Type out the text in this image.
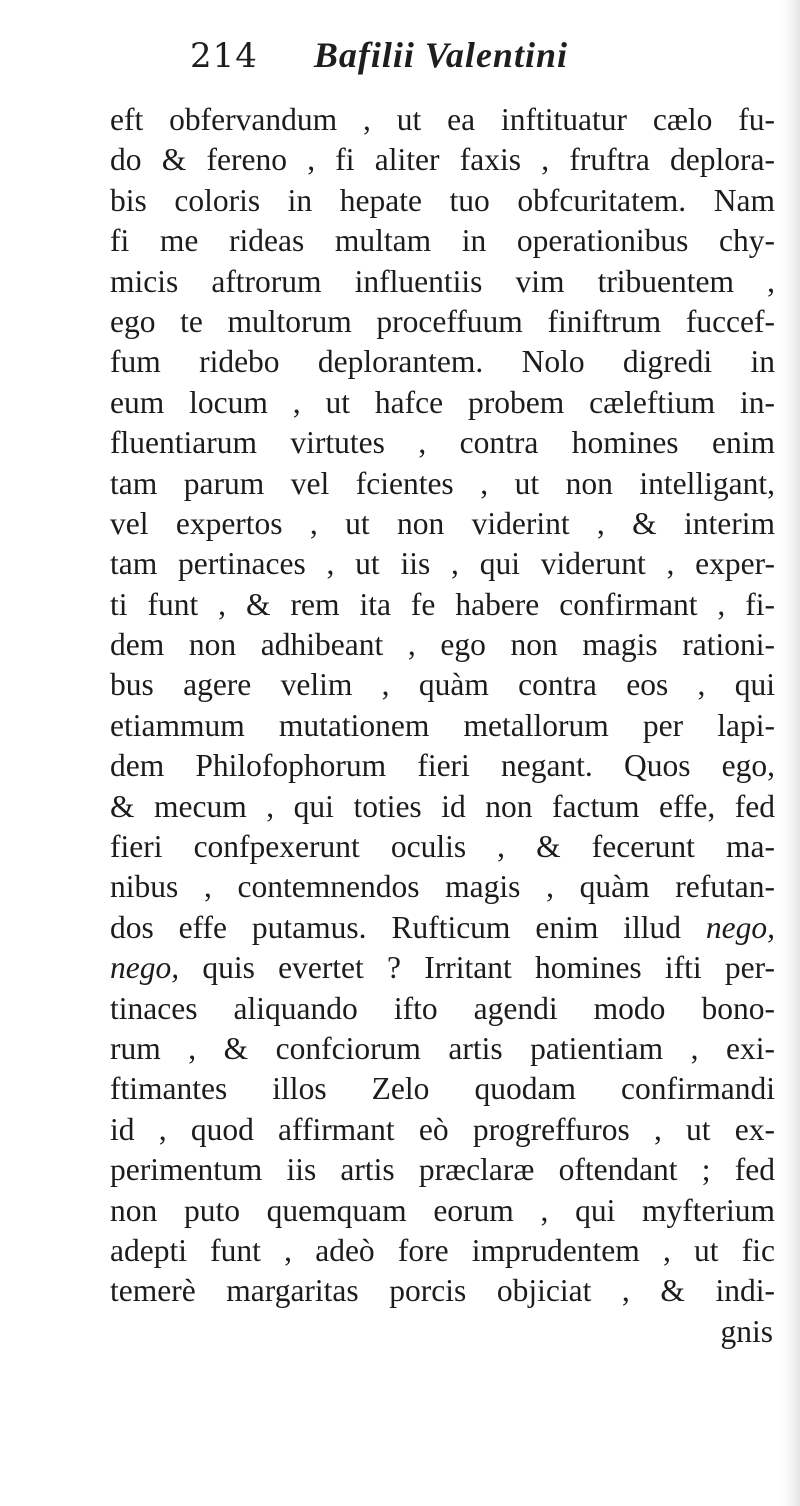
214 Bafilii Valentini
eft obfervandum , ut ea inftituatur cælo fu-
do & fereno , fi aliter faxis , fruftra deplora-
bis coloris in hepate tuo obfcuritatem. Nam
fi me rideas multam in operationibus chy-
micis aftrorum influentiis vim tribuentem ,
ego te multorum proceffuum finiftrum fuccef-
fum ridebo deplorantem. Nolo digredi in
eum locum , ut hafce probem cæleftium in-
fluentiarum virtutes , contra homines enim
tam parum vel fcientes , ut non intelligant,
vel expertos , ut non viderint , & interim
tam pertinaces , ut iis , qui viderunt , exper-
ti funt , & rem ita fe habere confirmant , fi-
dem non adhibeant , ego non magis rationi-
bus agere velim , quàm contra eos , qui
etiammum mutationem metallorum per lapi-
dem Philofophorum fieri negant. Quos ego,
& mecum , qui toties id non factum effe, fed
fieri confpexerunt oculis , & fecerunt ma-
nibus , contemnendos magis , quàm refutan-
dos effe putamus. Rufticum enim illud nego,
nego, quis evertet ? Irritant homines ifti per-
tinaces aliquando ifto agendi modo bono-
rum , & confciorum artis patientiam , exi-
ftimantes illos Zelo quodam confirmandi
id , quod affirmant eò progreffuros , ut ex-
perimentum iis artis præclaræ oftendant ; fed
non puto quemquam eorum , qui myfterium
adepti funt , adeò fore imprudentem , ut fic
temerè margaritas porcis objiciat , & indi-
gnis
